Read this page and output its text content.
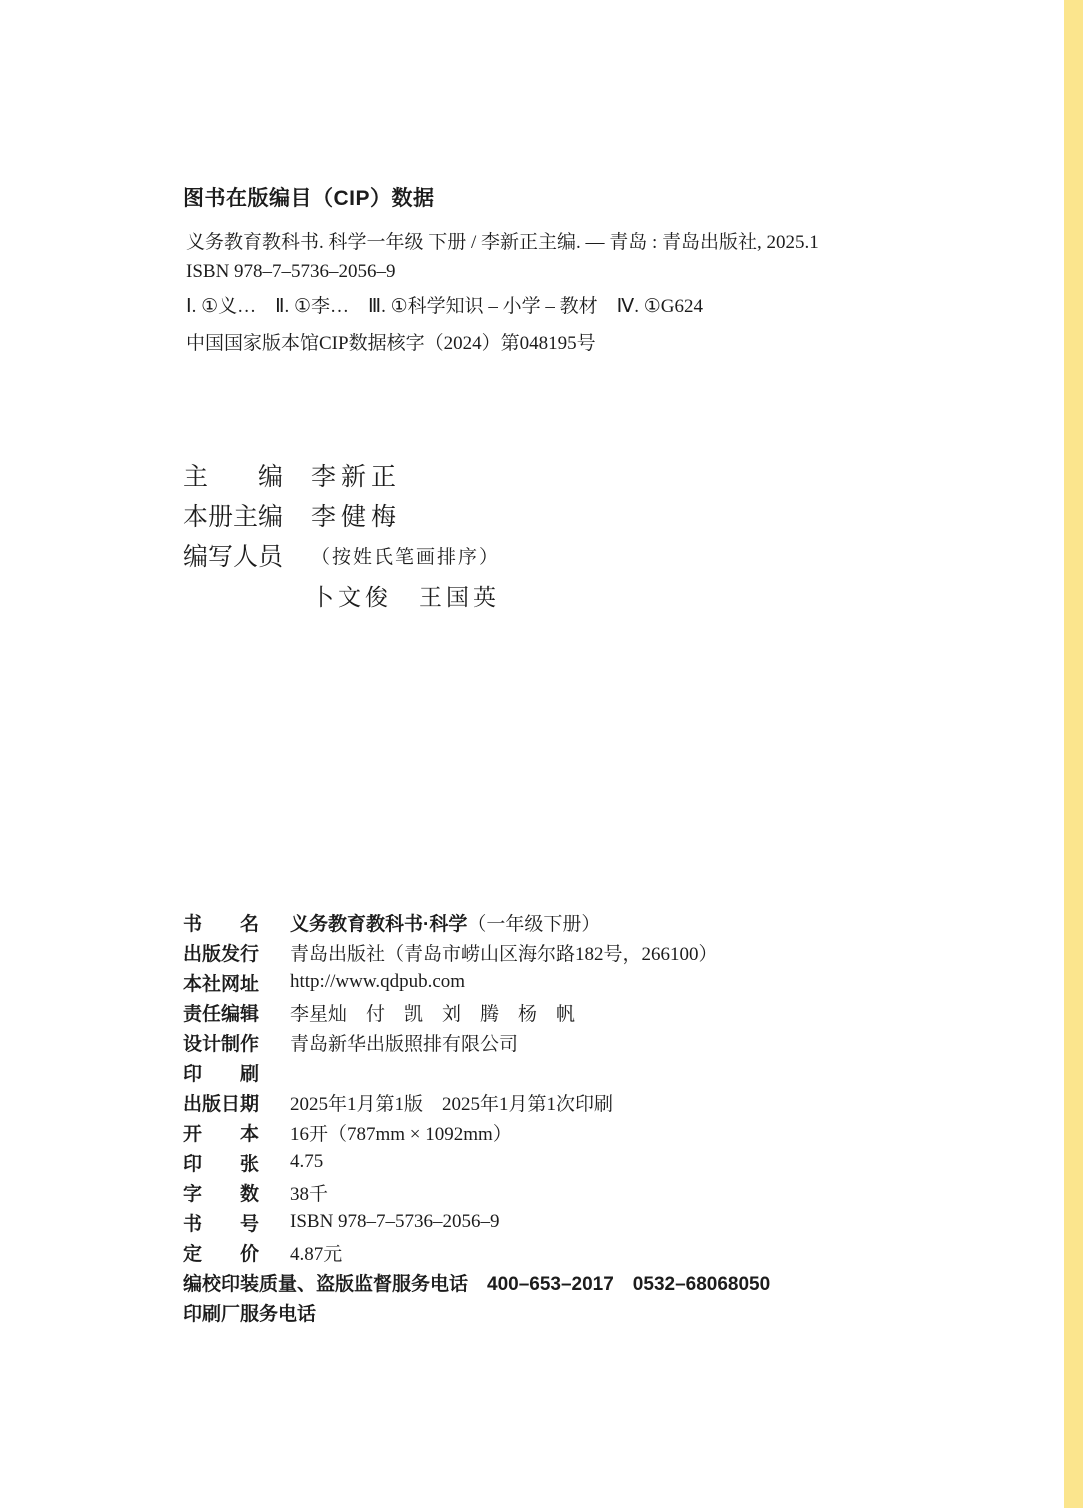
图书在版编目（CIP）数据

义务教育教科书. 科学一年级 下册 / 李新正主编. — 青岛 : 青岛出版社, 2025.1

ISBN 978–7–5736–2056–9

Ⅰ. ①义…　Ⅱ. ①李…　Ⅲ. ①科学知识 – 小学 – 教材　Ⅳ. ①G624

中国国家版本馆CIP数据核字（2024）第048195号

主　　编 李新正
本册主编 李健梅
编写人员 （按姓氏笔画排序）
卜文俊　王国英
书　　名 义务教育教科书·科学 （一年级下册）
出版发行 青岛出版社（青岛市崂山区海尔路182号，266100）
本社网址 http://www.qdpub.com
责任编辑 李星灿　付　凯　刘　腾　杨　帆
设计制作 青岛新华出版照排有限公司
印　　刷
出版日期 2025年1月第1版　2025年1月第1次印刷
开　　本 16开（787mm × 1092mm）
印　　张 4.75
字　　数 38千
书　　号 ISBN 978–7–5736–2056–9
定　　价 4.87元
编校印装质量、盗版监督服务电话　400–653–2017　0532–68068050
印刷厂服务电话
